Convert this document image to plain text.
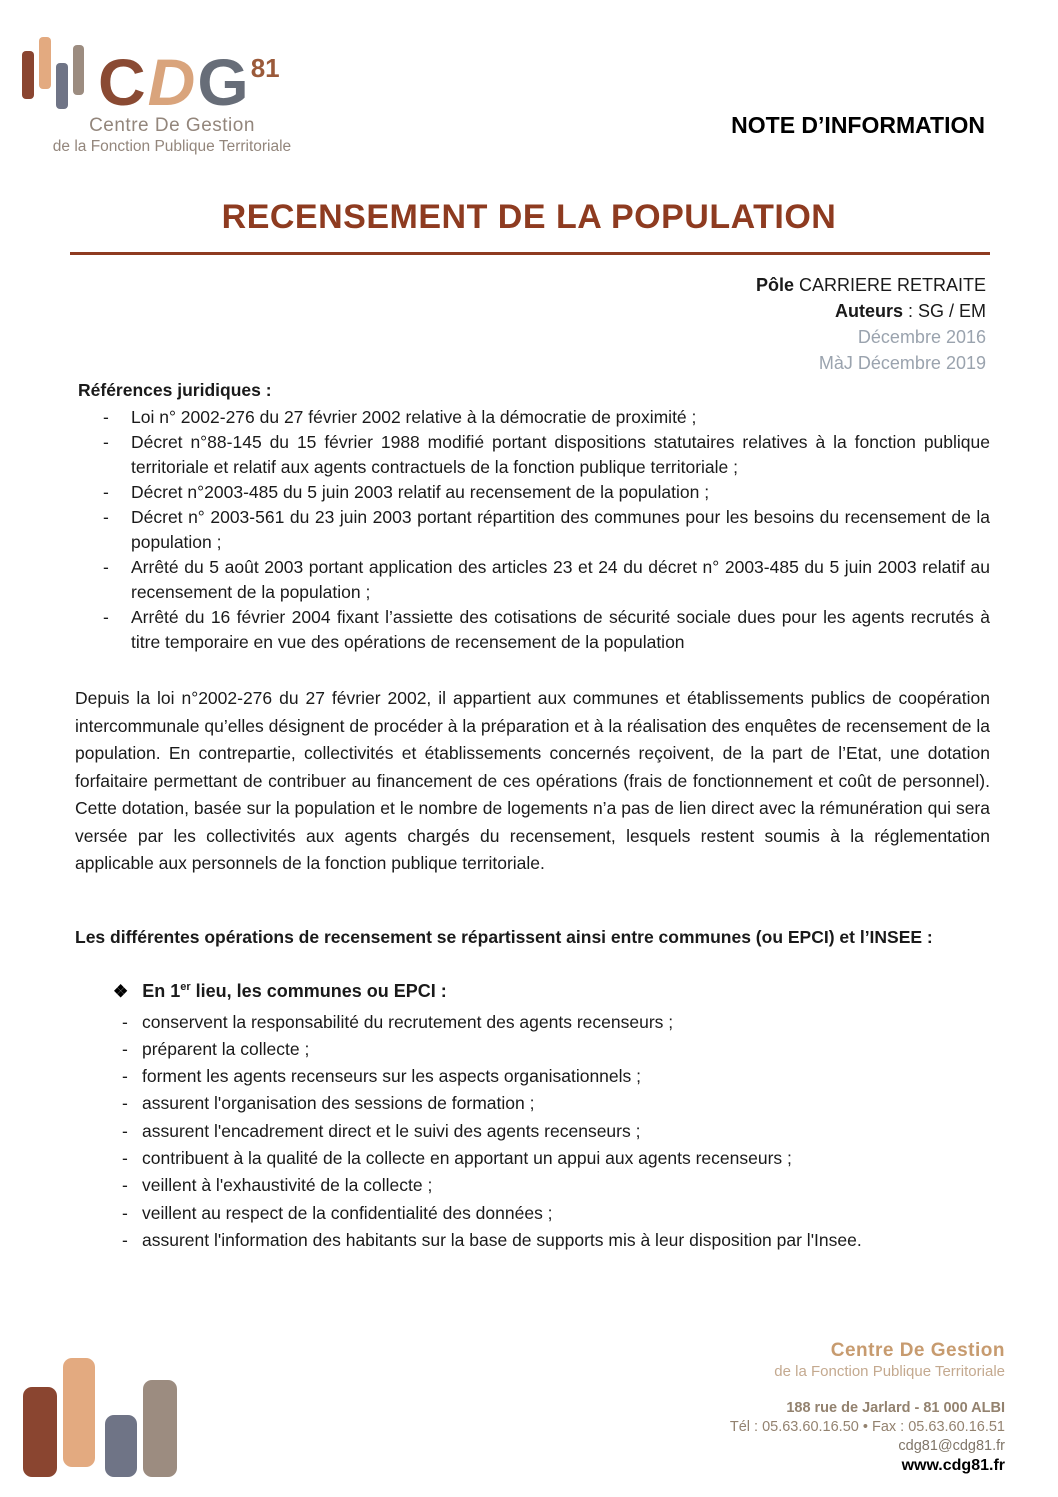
CDG$^{81}$
Centre De Gestion
de la Fonction Publique Territoriale
NOTE D’INFORMATION
RECENSEMENT DE LA POPULATION
Pôle CARRIERE RETRAITE
Auteurs : SG / EM
Décembre 2016
MàJ Décembre 2019
Références juridiques :
-	Loi n° 2002-276 du 27 février 2002 relative à la démocratie de proximité ;
-	Décret n°88-145 du 15 février 1988 modifié portant dispositions statutaires relatives à la fonction publique territoriale et relatif aux agents contractuels de la fonction publique territoriale ;
-	Décret n°2003-485 du 5 juin 2003 relatif au recensement de la population ;
-	Décret n° 2003-561 du 23 juin 2003 portant répartition des communes pour les besoins du recensement de la population ;
-	Arrêté du 5 août 2003 portant application des articles 23 et 24 du décret n° 2003-485 du 5 juin 2003 relatif au recensement de la population ;
-	Arrêté du 16 février 2004 fixant l’assiette des cotisations de sécurité sociale dues pour les agents recrutés à titre temporaire en vue des opérations de recensement de la population
Depuis la loi n°2002-276 du 27 février 2002, il appartient aux communes et établissements publics de coopération intercommunale qu’elles désignent de procéder à la préparation et à la réalisation des enquêtes de recensement de la population. En contrepartie, collectivités et établissements concernés reçoivent, de la part de l’Etat, une dotation forfaitaire permettant de contribuer au financement de ces opérations (frais de fonctionnement et coût de personnel). Cette dotation, basée sur la population et le nombre de logements n’a pas de lien direct avec la rémunération qui sera versée par les collectivités aux agents chargés du recensement, lesquels restent soumis à la réglementation applicable aux personnels de la fonction publique territoriale.
Les différentes opérations de recensement se répartissent ainsi entre communes (ou EPCI) et l’INSEE :
❖ En 1er lieu, les communes ou EPCI :
- conservent la responsabilité du recrutement des agents recenseurs ;
- préparent la collecte ;
- forment les agents recenseurs sur les aspects organisationnels ;
- assurent l'organisation des sessions de formation ;
- assurent l'encadrement direct et le suivi des agents recenseurs ;
- contribuent à la qualité de la collecte en apportant un appui aux agents recenseurs ;
- veillent à l'exhaustivité de la collecte ;
- veillent au respect de la confidentialité des données ;
- assurent l'information des habitants sur la base de supports mis à leur disposition par l'Insee.
Centre De Gestion
de la Fonction Publique Territoriale
188 rue de Jarlard - 81 000 ALBI
Tél : 05.63.60.16.50 • Fax : 05.63.60.16.51
cdg81@cdg81.fr
www.cdg81.fr
